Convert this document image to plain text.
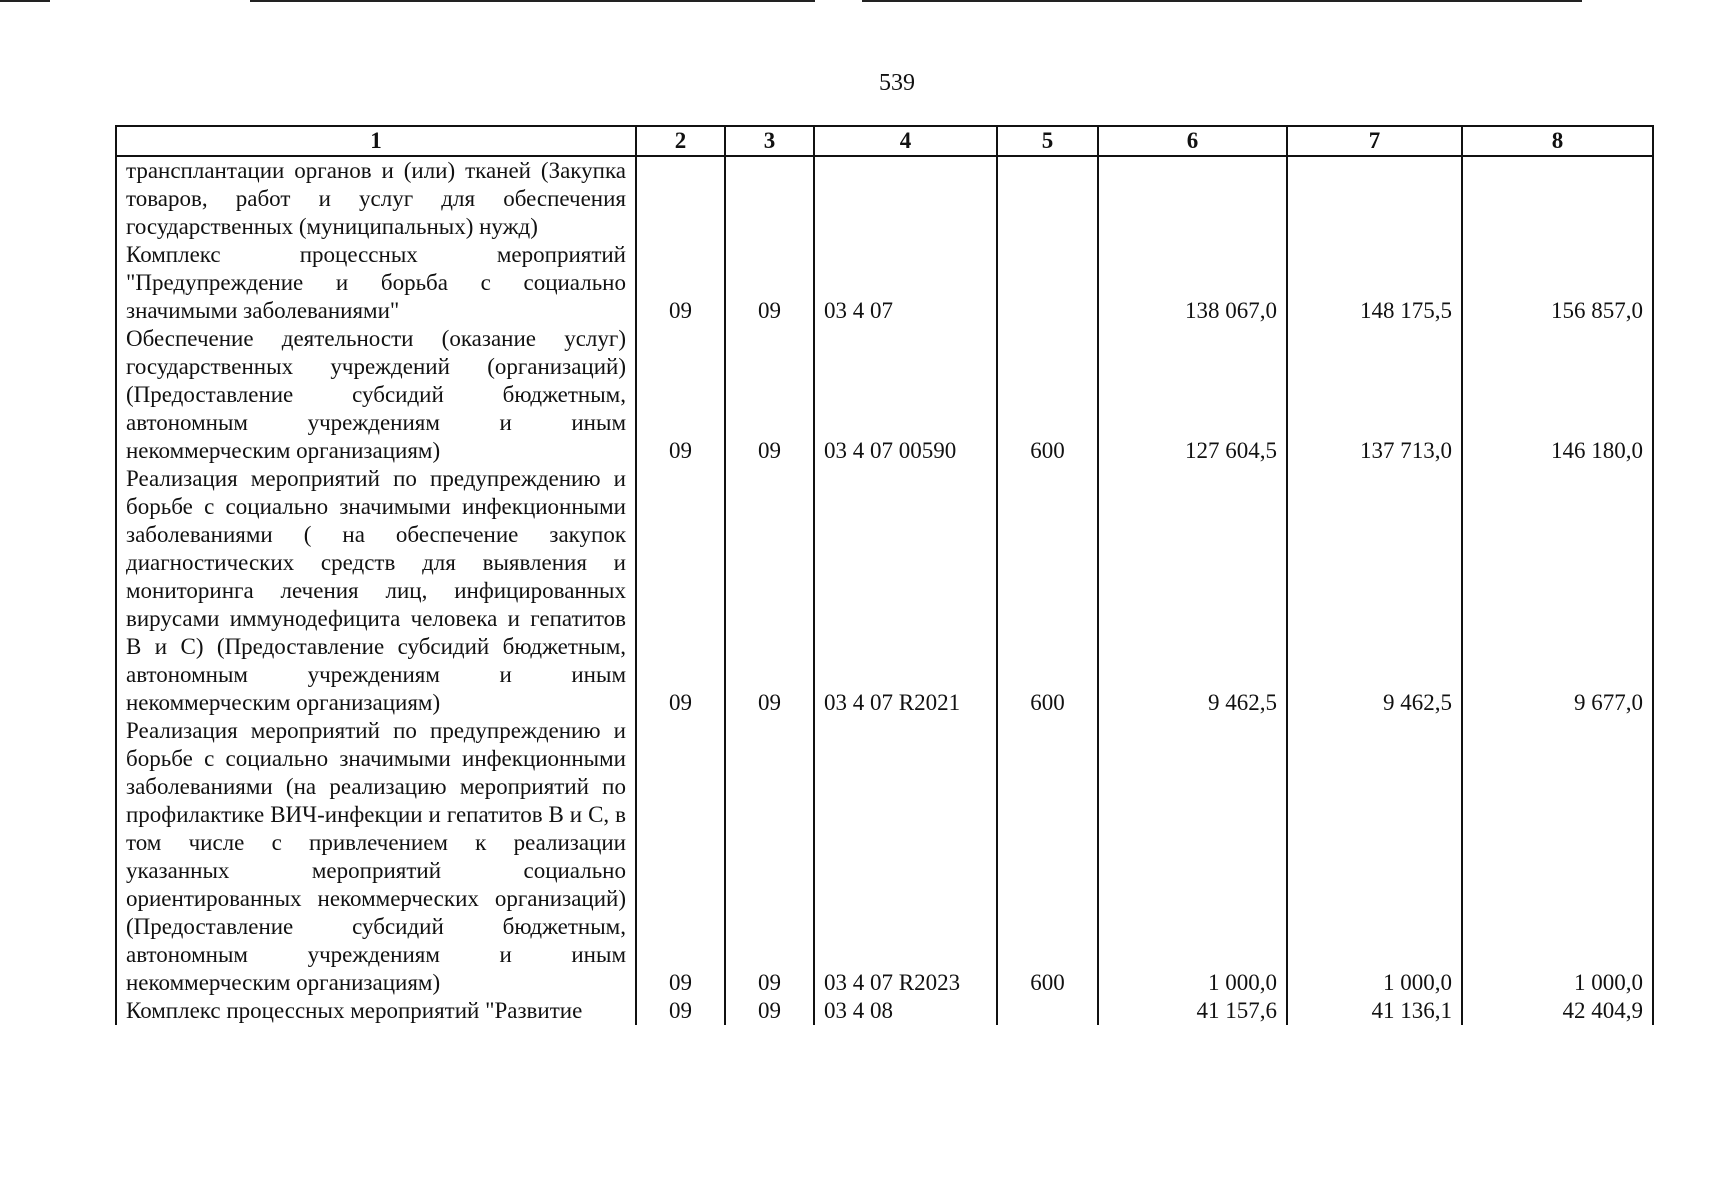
539
1	2	3	4	5	6	7	8
трансплантации органов и (или) тканей (Закупка товаров, работ и услуг для обеспечения государственных (муниципальных) нужд)							
Комплекс процессных мероприятий "Предупреждение и борьба с социально значимыми заболеваниями"	09	09	03 4 07		138 067,0	148 175,5	156 857,0
Обеспечение деятельности (оказание услуг) государственных учреждений (организаций) (Предоставление субсидий бюджетным, автономным учреждениям и иным некоммерческим организациям)	09	09	03 4 07 00590	600	127 604,5	137 713,0	146 180,0
Реализация мероприятий по предупреждению и борьбе с социально значимыми инфекционными заболеваниями ( на обеспечение закупок диагностических средств для выявления и мониторинга лечения лиц, инфицированных вирусами иммунодефицита человека и гепатитов B и C) (Предоставление субсидий бюджетным, автономным учреждениям и иным некоммерческим организациям)	09	09	03 4 07 R2021	600	9 462,5	9 462,5	9 677,0
Реализация мероприятий по предупреждению и борьбе с социально значимыми инфекционными заболеваниями (на реализацию мероприятий по профилактике ВИЧ-инфекции и гепатитов B и C, в том числе с привлечением к реализации указанных мероприятий социально ориентированных некоммерческих организаций) (Предоставление субсидий бюджетным, автономным учреждениям и иным некоммерческим организациям)	09	09	03 4 07 R2023	600	1 000,0	1 000,0	1 000,0
Комплекс процессных мероприятий "Развитие	09	09	03 4 08		41 157,6	41 136,1	42 404,9
